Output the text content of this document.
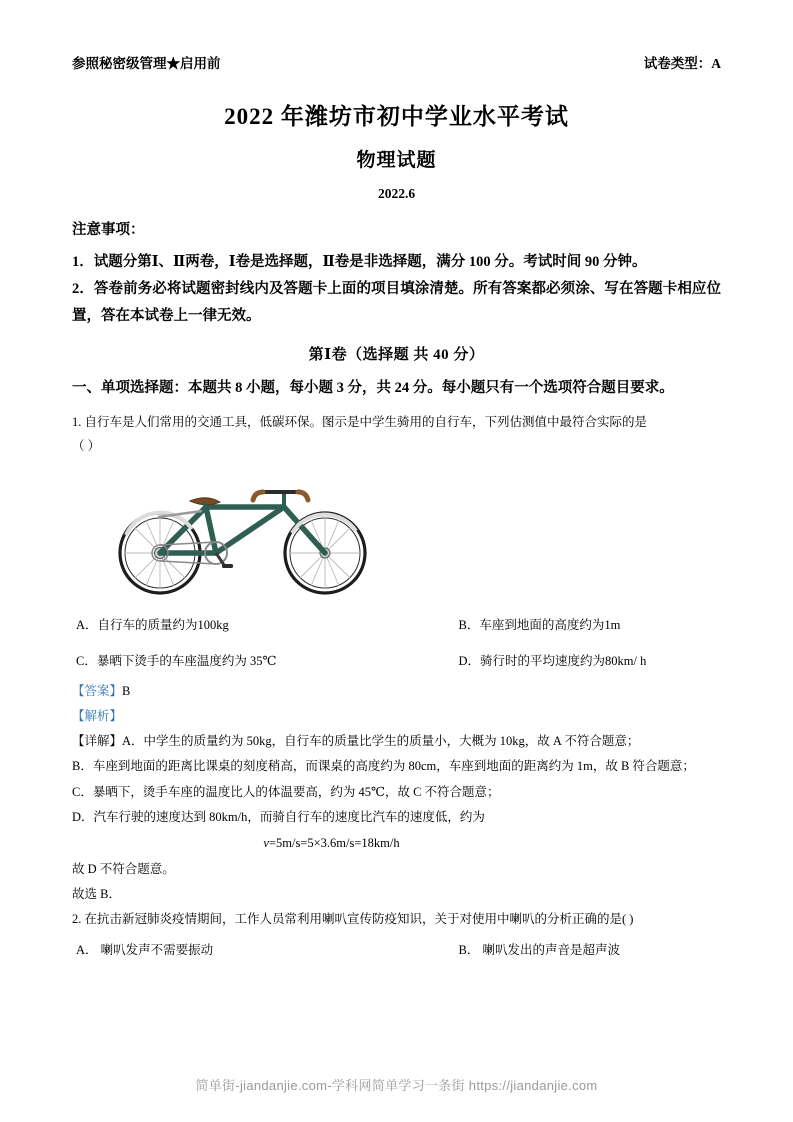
参照秘密级管理★启用前	试卷类型：A
2022 年潍坊市初中学业水平考试
物理试题
2022.6
注意事项：
1．试题分第Ⅰ、Ⅱ两卷，Ⅰ卷是选择题，Ⅱ卷是非选择题，满分 100 分。考试时间 90 分钟。
2．答卷前务必将试题密封线内及答题卡上面的项目填涂清楚。所有答案都必须涂、写在答题卡相应位置，答在本试卷上一律无效。
第Ⅰ卷（选择题 共 40 分）
一、单项选择题：本题共 8 小题，每小题 3 分，共 24 分。每小题只有一个选项符合题目要求。
1. 自行车是人们常用的交通工具，低碳环保。图示是中学生骑用的自行车，下列估测值中最符合实际的是
（ ）
A．自行车的质量约为100kg	B．车座到地面的高度约为1m
C．暴晒下烫手的车座温度约为 35℃	D．骑行时的平均速度约为80km/ h
【答案】B
【解析】
【详解】A．中学生的质量约为 50kg，自行车的质量比学生的质量小，大概为 10kg，故 A 不符合题意；
B．车座到地面的距离比课桌的刻度稍高，而课桌的高度约为 80cm，车座到地面的距离约为 1m，故 B 符合题意；
C．暴晒下，烫手车座的温度比人的体温要高，约为 45℃，故 C 不符合题意；
D．汽车行驶的速度达到 80km/h，而骑自行车的速度比汽车的速度低，约为
v=5m/s=5×3.6m/s=18km/h
故 D 不符合题意。
故选 B．
2. 在抗击新冠肺炎疫情期间，工作人员常利用喇叭宣传防疫知识，关于对使用中喇叭的分析正确的是( )
A． 喇叭发声不需要振动	B． 喇叭发出的声音是超声波
简单街-jiandanjie.com-学科网简单学习一条街 https://jiandanjie.com
